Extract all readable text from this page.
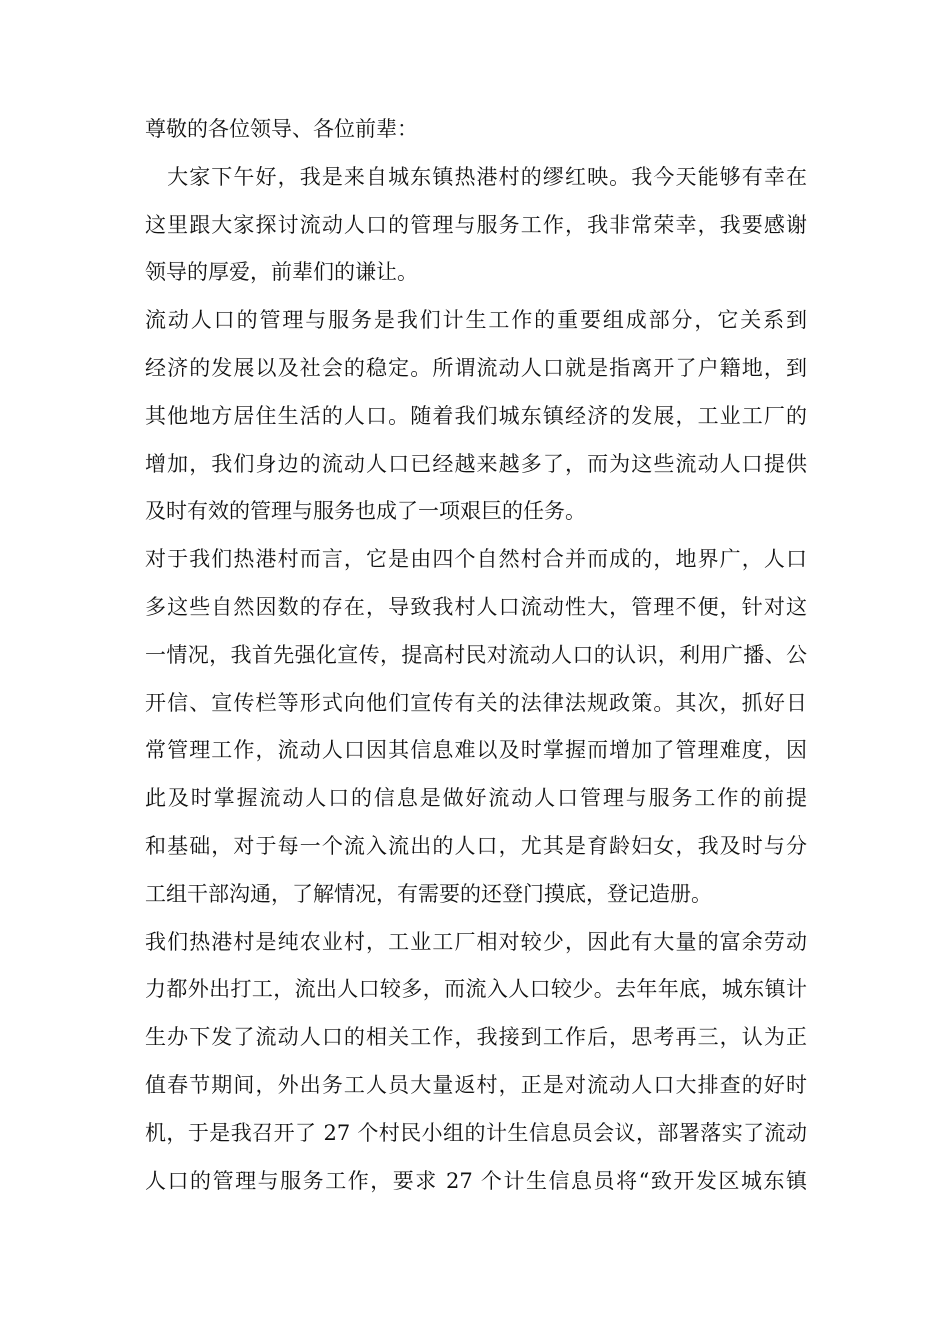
尊敬的各位领导、各位前辈：
　大家下午好，我是来自城东镇热港村的缪红映。我今天能够有幸在
这里跟大家探讨流动人口的管理与服务工作，我非常荣幸，我要感谢
领导的厚爱，前辈们的谦让。
流动人口的管理与服务是我们计生工作的重要组成部分，它关系到
经济的发展以及社会的稳定。所谓流动人口就是指离开了户籍地，到
其他地方居住生活的人口。随着我们城东镇经济的发展，工业工厂的
增加，我们身边的流动人口已经越来越多了，而为这些流动人口提供
及时有效的管理与服务也成了一项艰巨的任务。
对于我们热港村而言，它是由四个自然村合并而成的，地界广，人口
多这些自然因数的存在，导致我村人口流动性大，管理不便，针对这
一情况，我首先强化宣传，提高村民对流动人口的认识，利用广播、公
开信、宣传栏等形式向他们宣传有关的法律法规政策。其次，抓好日
常管理工作，流动人口因其信息难以及时掌握而增加了管理难度，因
此及时掌握流动人口的信息是做好流动人口管理与服务工作的前提
和基础，对于每一个流入流出的人口，尤其是育龄妇女，我及时与分
工组干部沟通，了解情况，有需要的还登门摸底，登记造册。
我们热港村是纯农业村，工业工厂相对较少，因此有大量的富余劳动
力都外出打工，流出人口较多，而流入人口较少。去年年底，城东镇计
生办下发了流动人口的相关工作，我接到工作后，思考再三，认为正
值春节期间，外出务工人员大量返村，正是对流动人口大排查的好时
机，于是我召开了 27 个村民小组的计生信息员会议，部署落实了流动
人口的管理与服务工作，要求 27 个计生信息员将“致开发区城东镇
